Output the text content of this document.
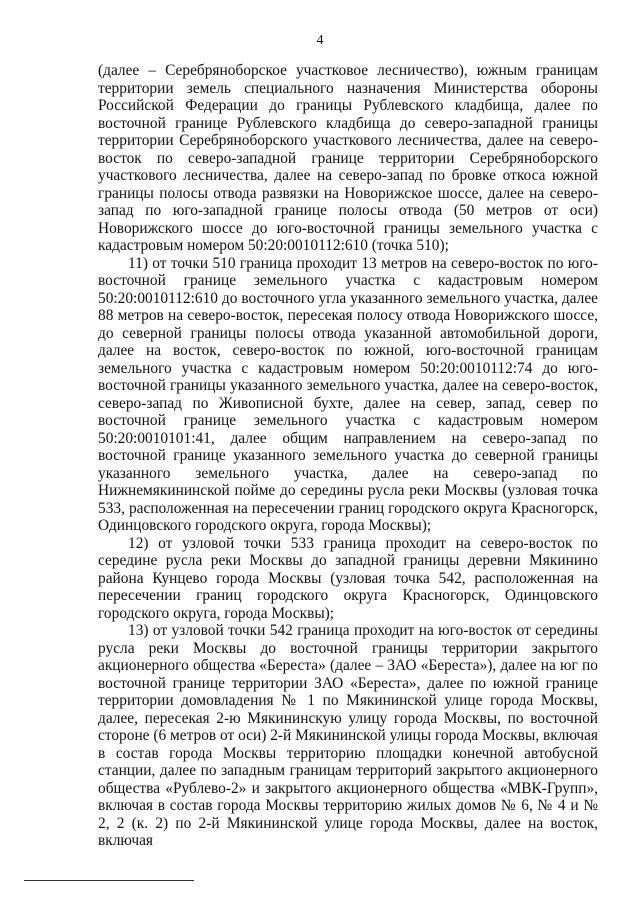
4

(далее – Серебряноборское участковое лесничество), южным границам территории земель специального назначения Министерства обороны Российской Федерации до границы Рублевского кладбища, далее по восточной границе Рублевского кладбища до северо-западной границы территории Серебряноборского участкового лесничества, далее на северо-восток по северо-западной границе территории Серебряноборского участкового лесничества, далее на северо-запад по бровке откоса южной границы полосы отвода развязки на Новорижское шоссе, далее на северо-запад по юго-западной границе полосы отвода (50 метров от оси) Новорижского шоссе до юго-восточной границы земельного участка с кадастровым номером 50:20:0010112:610 (точка 510);

11) от точки 510 граница проходит 13 метров на северо-восток по юго-восточной границе земельного участка с кадастровым номером 50:20:0010112:610 до восточного угла указанного земельного участка, далее 88 метров на северо-восток, пересекая полосу отвода Новорижского шоссе, до северной границы полосы отвода указанной автомобильной дороги, далее на восток, северо-восток по южной, юго-восточной границам земельного участка с кадастровым номером 50:20:0010112:74 до юго-восточной границы указанного земельного участка, далее на северо-восток, северо-запад по Живописной бухте, далее на север, запад, север по восточной границе земельного участка с кадастровым номером 50:20:0010101:41, далее общим направлением на северо-запад по восточной границе указанного земельного участка до северной границы указанного земельного участка, далее на северо-запад по Нижнемякининской пойме до середины русла реки Москвы (узловая точка 533, расположенная на пересечении границ городского округа Красногорск, Одинцовского городского округа, города Москвы);

12) от узловой точки 533 граница проходит на северо-восток по середине русла реки Москвы до западной границы деревни Мякинино района Кунцево города Москвы (узловая точка 542, расположенная на пересечении границ городского округа Красногорск, Одинцовского городского округа, города Москвы);

13) от узловой точки 542 граница проходит на юго-восток от середины русла реки Москвы до восточной границы территории закрытого акционерного общества «Береста» (далее – ЗАО «Береста»), далее на юг по восточной границе территории ЗАО «Береста», далее по южной границе территории домовладения № 1 по Мякининской улице города Москвы, далее, пересекая 2-ю Мякининскую улицу города Москвы, по восточной стороне (6 метров от оси) 2-й Мякининской улицы города Москвы, включая в состав города Москвы территорию площадки конечной автобусной станции, далее по западным границам территорий закрытого акционерного общества «Рублево-2» и закрытого акционерного общества «МВК-Групп», включая в состав города Москвы территорию жилых домов № 6, № 4 и № 2, 2 (к. 2) по 2-й Мякининской улице города Москвы, далее на восток, включая
